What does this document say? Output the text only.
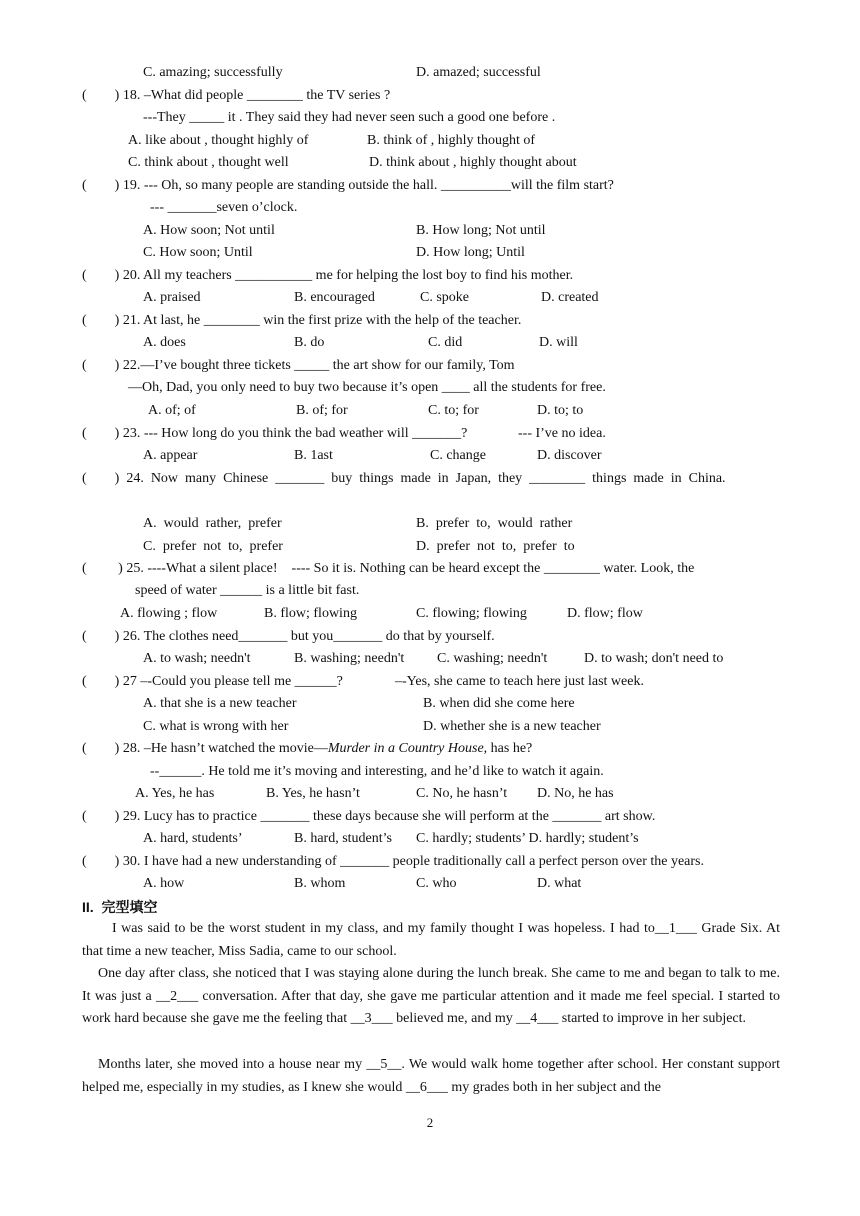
C. amazing; successfully	D. amazed; successful
(        ) 18. –What did people ________ the TV series ?
---They _____ it . They said they had never seen such a good one before .
A. like about , thought highly of	B. think of , highly thought of
C. think about , thought well	D. think about , highly thought about
(        ) 19. --- Oh, so many people are standing outside the hall. __________will the film start?
--- _______seven o’clock.
A. How soon; Not until	B. How long; Not until
C. How soon; Until	D. How long; Until
(        ) 20. All my teachers ___________ me for helping the lost boy to find his mother.
A. praised	B. encouraged	C. spoke	D. created
(        ) 21. At last, he ________ win the first prize with the help of the teacher.
A. does	B. do	C. did	D. will
(        ) 22.—I’ve bought three tickets _____ the art show for our family, Tom
—Oh, Dad, you only need to buy two because it’s open ____ all the students for free.
A. of; of	B. of; for	C. to; for	D. to; to
(        ) 23. --- How long do you think the bad weather will _______?	--- I’ve no idea.
A. appear	B. 1ast	C. change	D. discover
(        )  24.  Now  many  Chinese  _______  buy  things  made  in  Japan,  they  ________  things  made  in  China.
A.  would  rather,  prefer	B.  prefer  to,  would  rather
C.  prefer  not  to,  prefer	D.  prefer  not  to,  prefer  to
(         ) 25. ----What a silent place!    ---- So it is. Nothing can be heard except the ________ water. Look, the
speed of water ______ is a little bit fast.
A. flowing ; flow	B. flow; flowing	C. flowing; flowing	D. flow; flow
(        ) 26. The clothes need_______ but you_______ do that by yourself.
A. to wash; needn't	B. washing; needn't C. washing; needn't	D. to wash; don't need to
(        ) 27 –-Could you please tell me ______?	–-Yes, she came to teach here just last week.
A. that she is a new teacher	B. when did she come here
C. what is wrong with her	D. whether she is a new teacher
(        ) 28. –He hasn’t watched the movie—Murder in a Country House, has he?
--______. He told me it’s moving and interesting, and he’d like to watch it again.
A. Yes, he has	B. Yes, he hasn’t	C. No, he hasn’t D. No, he has
(        ) 29. Lucy has to practice _______ these days because she will perform at the _______ art show.
A. hard, students’	B. hard, student’s C. hardly; students’ D. hardly; student’s
(        ) 30. I have had a new understanding of _______ people traditionally call a perfect person over the years.
A. how	B. whom	C. who	D. what
II.  完型填空

I was said to be the worst student in my class, and my family thought I was hopeless. I had to__1___ Grade Six. At that time a new teacher, Miss Sadia, came to our school.

One day after class, she noticed that I was staying alone during the lunch break. She came to me and began to talk to me. It was just a __2___ conversation. After that day, she gave me particular attention and it made me feel special. I started to work hard because she gave me the feeling that __3___ believed me, and my __4___ started to improve in her subject.

Months later, she moved into a house near my __5__. We would walk home together after school. Her constant support helped me, especially in my studies, as I knew she would __6___ my grades both in her subject and the

2
